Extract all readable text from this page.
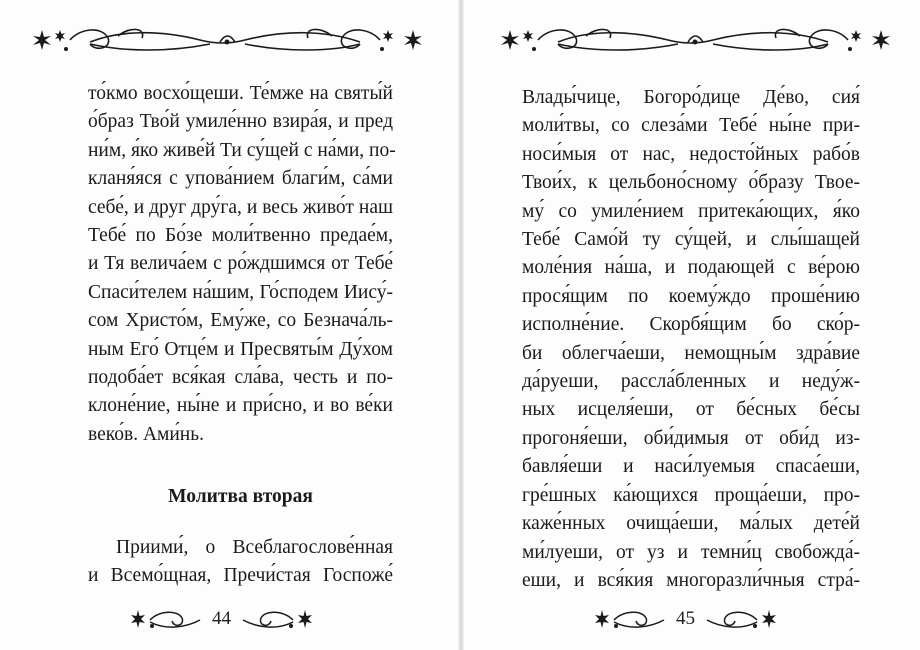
то́кмо восхо́щеши. Те́мже на святы́й
о́браз Тво́й умиле́нно взира́я, и пред
ни́м, я́ко живе́й Ти су́щей с на́ми, по-
кланя́яся с упова́нием благи́м, са́ми
себе́, и друг дру́га, и весь живо́т наш
Тебе́ по Бо́зе моли́твенно предае́м,
и Тя велича́ем с ро́ждшимся от Тебе́
Спаси́телем на́шим, Го́сподем Иису́-
сом Христо́м, Ему́же, со Безнача́ль-
ным Его́ Отце́м и Пресвяты́м Ду́хом
подоба́ет вся́кая сла́ва, честь и по-
клоне́ние, ны́не и при́сно, и во ве́ки
веко́в. Ами́нь.
Молитва вторая
Приими́, о Всеблагослове́нная
и Всемо́щная, Пречи́стая Госпоже́
44
Влады́чице, Богоро́дице Де́во, сия́
моли́твы, со слеза́ми Тебе́ ны́не при-
носи́мыя от нас, недосто́йных рабо́в
Твои́х, к цельбоно́сному о́бразу Твое-
му́ со умиле́нием притека́ющих, я́ко
Тебе́ Само́й ту су́щей, и слы́шащей
моле́ния на́ша, и подающей с ве́рою
прося́щим по коему́ждо проше́нию
исполне́ние. Скорбя́щим бо ско́р-
би облегча́еши, немощны́м здра́вие
да́руеши, рассла́бленных и неду́ж-
ных исцеля́еши, от бе́сных бе́сы
прогоня́еши, оби́димыя от оби́д из-
бавля́еши и наси́луемыя спаса́еши,
гре́шных ка́ющихся проща́еши, про-
каже́нных очища́еши, ма́лых дете́й
ми́луеши, от уз и темни́ц свобожда́-
еши, и вся́кия многоразли́чныя стра́-
45
